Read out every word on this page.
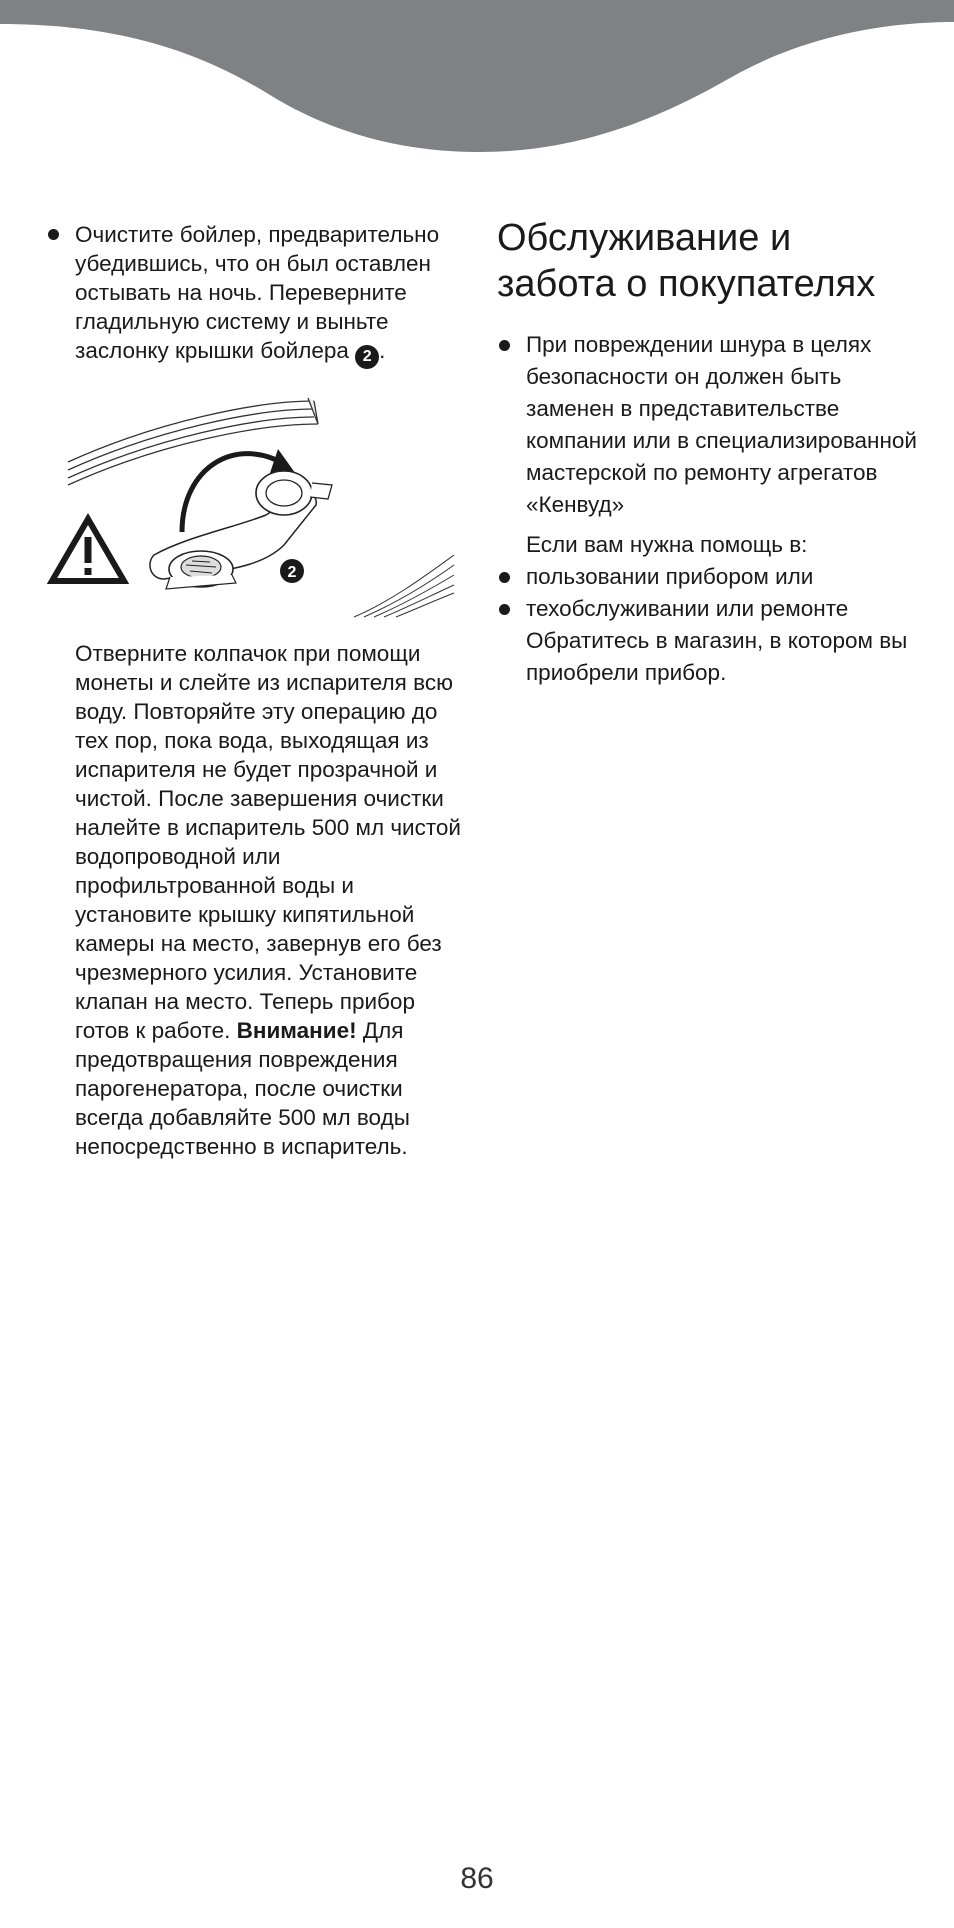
Очистите бойлер, предварительно убедившись, что он был оставлен остывать на ночь. Переверните гладильную систему и выньте заслонку крышки бойлера 2 .

2

Отверните колпачок при помощи монеты и слейте из испарителя всю воду. Повторяйте эту операцию до тех пор, пока вода, выходящая из испарителя не будет прозрачной и чистой. После завершения очистки налейте в испаритель 500 мл чистой водопроводной или профильтрованной воды и установите крышку кипятильной камеры на место, завернув его без чрезмерного усилия. Установите клапан на место. Теперь прибор готов к работе. Внимание! Для предотвращения повреждения парогенератора, после очистки всегда добавляйте 500 мл воды непосредственно в испаритель.

Обслуживание и забота о покупателях

При повреждении шнура в целях безопасности он должен быть заменен в представительстве компании или в специализированной мастерской по ремонту агрегатов «Кенвуд»

Если вам нужна помощь в:

пользовании прибором или

техобслуживании или ремонте

Обратитесь в магазин, в котором вы приобрели прибор.

86
